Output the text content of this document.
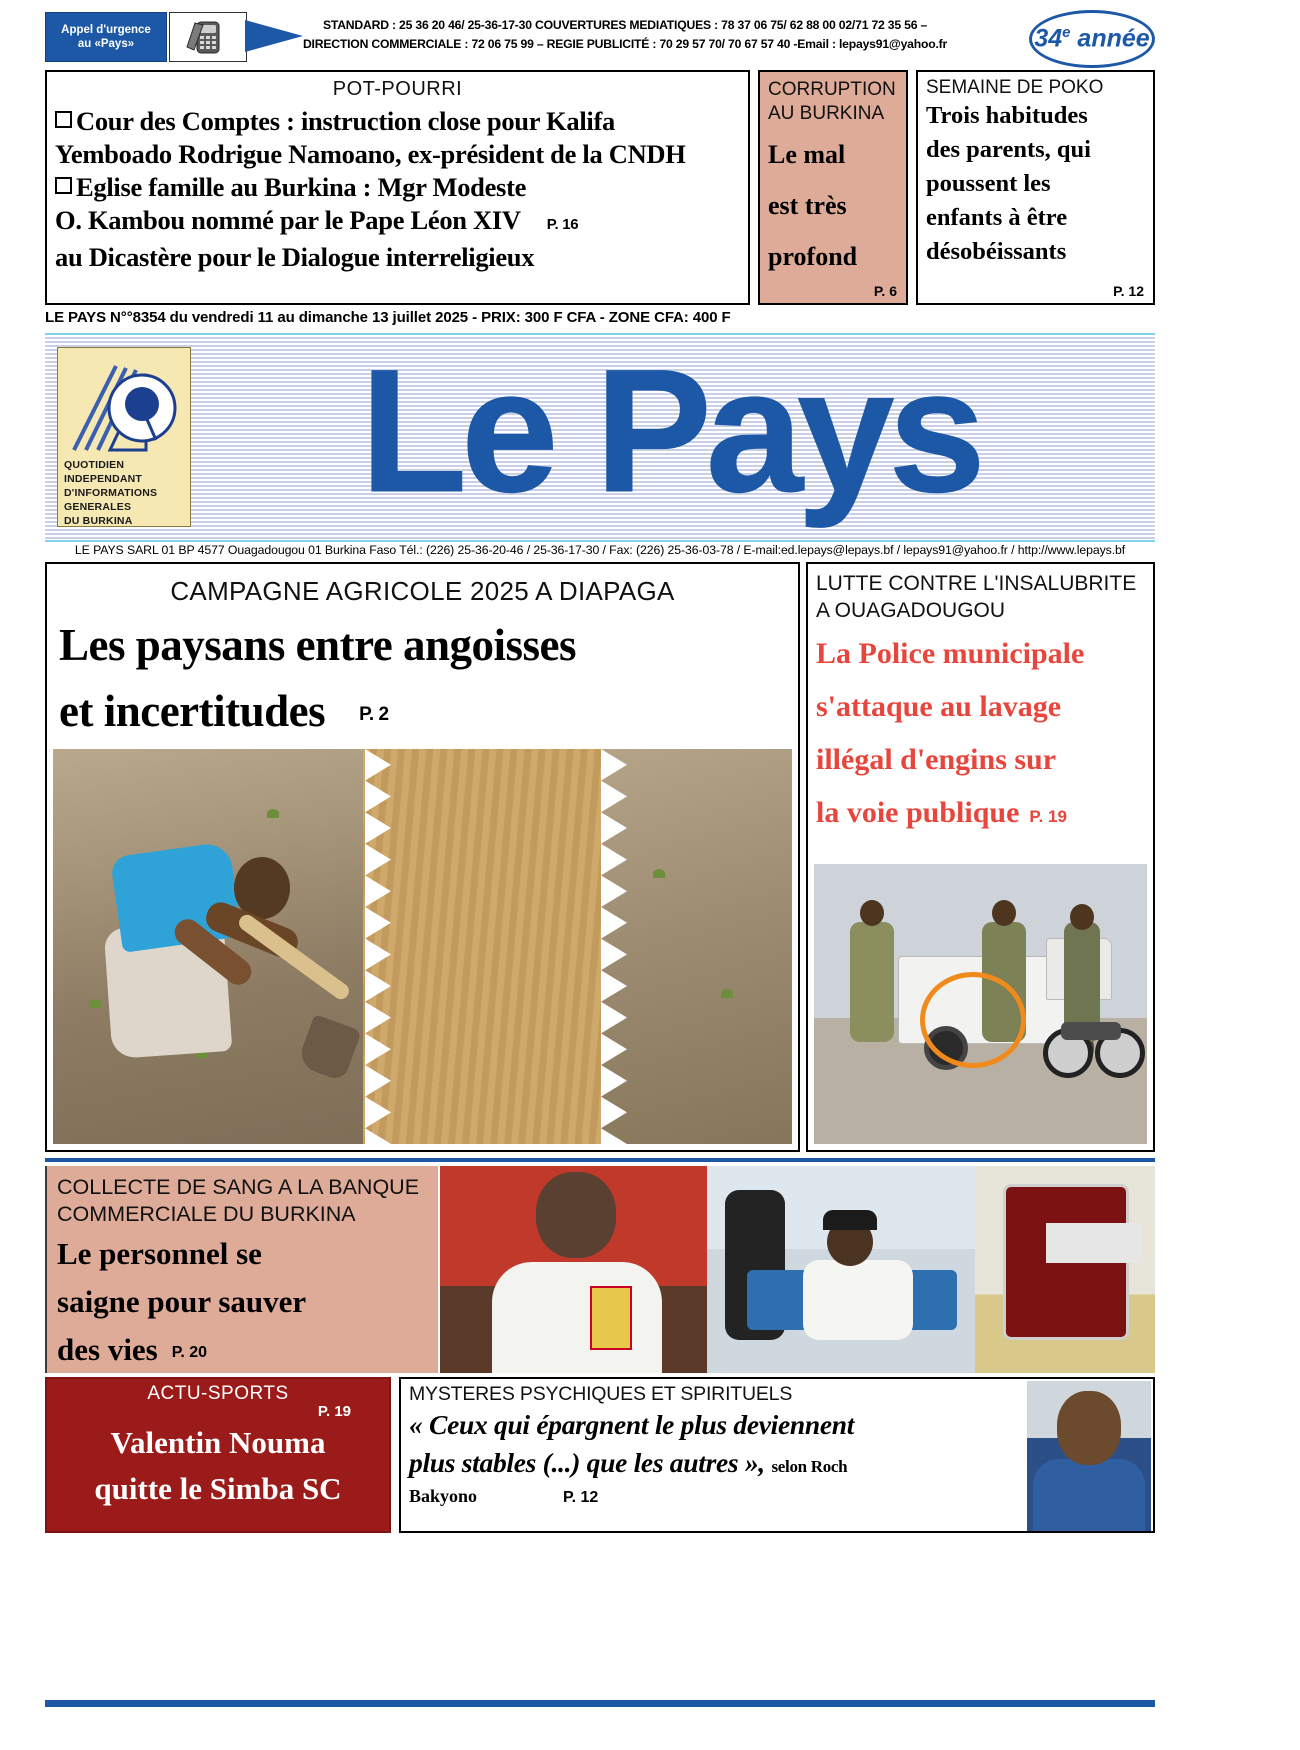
Appel d'urgence
au «Pays»
STANDARD : 25 36 20 46/ 25-36-17-30 COUVERTURES MEDIATIQUES : 78 37 06 75/ 62 88 00 02/71 72 35 56 –
DIRECTION COMMERCIALE : 72 06 75 99 – REGIE PUBLICITÉ : 70 29 57 70/ 70 67 57 40 -Email : lepays91@yahoo.fr	34e année
POT-POURRI
Cour des Comptes : instruction close pour Kalifa
Yemboado Rodrigue Namoano, ex-président de la CNDH
Eglise famille au Burkina : Mgr Modeste
O. Kambou nommé par le Pape Léon XIV P. 16
au Dicastère pour le Dialogue interreligieux
CORRUPTION
AU BURKINA
Le mal
est très
profond
P. 6
SEMAINE DE POKO
Trois habitudes
des parents, qui
poussent les
enfants à être
désobéissants
P. 12
LE PAYS N°°8354 du vendredi 11 au dimanche 13 juillet 2025 - PRIX: 300 F CFA - ZONE CFA: 400 F
QUOTIDIEN
INDEPENDANT
D'INFORMATIONS
GENERALES
DU BURKINA	Le Pays
LE PAYS SARL 01 BP 4577 Ouagadougou 01 Burkina Faso Tél.: (226) 25-36-20-46 / 25-36-17-30 / Fax: (226) 25-36-03-78 / E-mail:ed.lepays@lepays.bf / lepays91@yahoo.fr / http://www.lepays.bf
CAMPAGNE AGRICOLE 2025 A DIAPAGA
Les paysans entre angoisses
et incertitudes P. 2
LUTTE CONTRE L'INSALUBRITE
A OUAGADOUGOU
La Police municipale
s'attaque au lavage
illégal d'engins sur
la voie publique P. 19
COLLECTE DE SANG A LA BANQUE
COMMERCIALE DU BURKINA
Le personnel se
saigne pour sauver
des vies P. 20
ACTU-SPORTS
P. 19
Valentin Nouma
quitte le Simba SC
MYSTERES PSYCHIQUES ET SPIRITUELS
« Ceux qui épargnent le plus deviennent
plus stables (...) que les autres », selon Roch
Bakyono	P. 12
